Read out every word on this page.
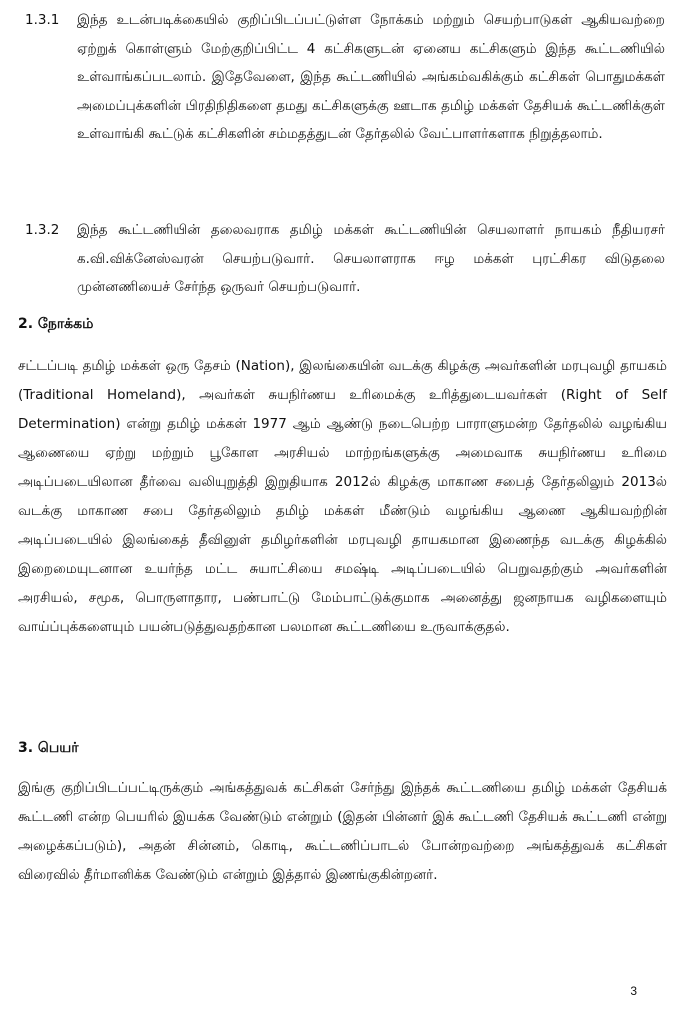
1.3.1 இந்த உடன்படிக்கையில் குறிப்பிடப்பட்டுள்ள நோக்கம் மற்றும் செயற்பாடுகள் ஆகியவற்றை ஏற்றுக் கொள்ளும் மேற்குறிப்பிட்ட 4 கட்சிகளுடன் ஏனைய கட்சிகளும் இந்த கூட்டணியில் உள்வாங்கப்படலாம். இதேவேளை, இந்த கூட்டணியில் அங்கம்வகிக்கும் கட்சிகள் பொதுமக்கள் அமைப்புக்களின் பிரதிநிதிகளை தமது கட்சிகளுக்கு ஊடாக தமிழ் மக்கள் தேசியக் கூட்டணிக்குள் உள்வாங்கி கூட்டுக் கட்சிகளின் சம்மதத்துடன் தேர்தலில் வேட்பாளர்களாக நிறுத்தலாம்.

1.3.2 இந்த கூட்டணியின் தலைவராக தமிழ் மக்கள் கூட்டணியின் செயலாளர் நாயகம் நீதியரசர் க.வி.விக்னேஸ்வரன் செயற்படுவார். செயலாளராக ஈழ மக்கள் புரட்சிகர விடுதலை முன்னணியைச் சேர்ந்த ஒருவர் செயற்படுவார்.

2. நோக்கம்

சட்டப்படி தமிழ் மக்கள் ஒரு தேசம் (Nation), இலங்கையின் வடக்கு கிழக்கு அவர்களின் மரபுவழி தாயகம் (Traditional Homeland), அவர்கள் சுயநிர்ணய உரிமைக்கு உரித்துடையவர்கள் (Right of Self Determination) என்று தமிழ் மக்கள் 1977 ஆம் ஆண்டு நடைபெற்ற பாராளுமன்ற தேர்தலில் வழங்கிய ஆணையை ஏற்று மற்றும் பூகோள அரசியல் மாற்றங்களுக்கு அமைவாக சுயநிர்ணய உரிமை அடிப்படையிலான தீர்வை வலியுறுத்தி இறுதியாக 2012ல் கிழக்கு மாகாண சபைத் தேர்தலிலும் 2013ல் வடக்கு மாகாண சபை தேர்தலிலும் தமிழ் மக்கள் மீண்டும் வழங்கிய ஆணை ஆகியவற்றின் அடிப்படையில் இலங்கைத் தீவினுள் தமிழர்களின் மரபுவழி தாயகமான இணைந்த வடக்கு கிழக்கில் இறைமையுடனான உயர்ந்த மட்ட சுயாட்சியை சமஷ்டி அடிப்படையில் பெறுவதற்கும் அவர்களின் அரசியல், சமூக, பொருளாதார, பண்பாட்டு மேம்பாட்டுக்குமாக அனைத்து ஜனநாயக வழிகளையும் வாய்ப்புக்களையும் பயன்படுத்துவதற்கான பலமான கூட்டணியை உருவாக்குதல்.

3. பெயர்

இங்கு குறிப்பிடப்பட்டிருக்கும் அங்கத்துவக் கட்சிகள் சேர்ந்து இந்தக் கூட்டணியை தமிழ் மக்கள் தேசியக் கூட்டணி என்ற பெயரில் இயக்க வேண்டும் என்றும் (இதன் பின்னர் இக் கூட்டணி தேசியக் கூட்டணி என்று அழைக்கப்படும்), அதன் சின்னம், கொடி, கூட்டணிப்பாடல் போன்றவற்றை அங்கத்துவக் கட்சிகள் விரைவில் தீர்மானிக்க வேண்டும் என்றும் இத்தால் இணங்குகின்றனர்.

3
